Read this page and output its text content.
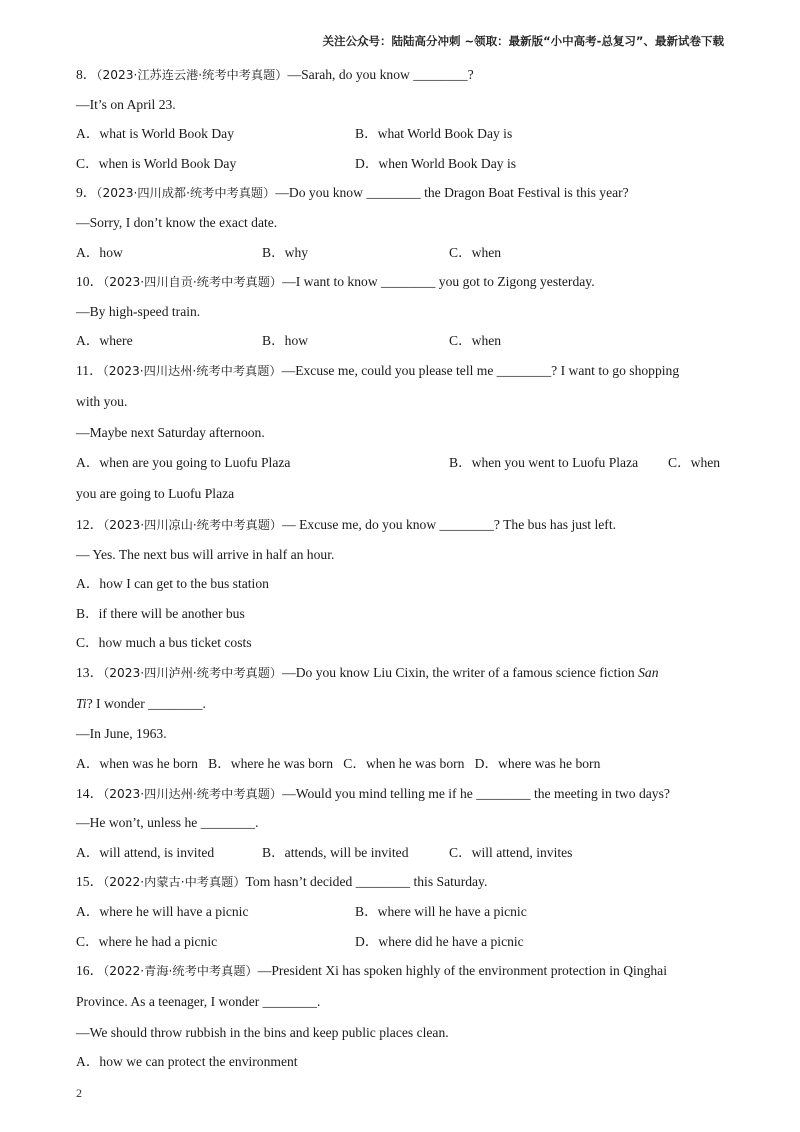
关注公众号：陆陆高分冲刺 ~领取：最新版“小中高考-总复习”、最新试卷下载
8．（2023·江苏连云港·统考中考真题）—Sarah, do you know ________?
—It’s on April 23.
A．what is World Book Day	B．what World Book Day is
C．when is World Book Day	D．when World Book Day is
9．（2023·四川成都·统考中考真题）—Do you know ________ the Dragon Boat Festival is this year?
—Sorry, I don’t know the exact date.
A．how	B．why	C．when
10．（2023·四川自贡·统考中考真题）—I want to know ________ you got to Zigong yesterday.
—By high-speed train.
A．where	B．how	C．when
11．（2023·四川达州·统考中考真题）—Excuse me, could you please tell me ________? I want to go shopping
with you.
—Maybe next Saturday afternoon.
A．when are you going to Luofu Plaza	B．when you went to Luofu Plaza C．when
you are going to Luofu Plaza
12．（2023·四川凉山·统考中考真题）— Excuse me, do you know ________? The bus has just left.
— Yes. The next bus will arrive in half an hour.
A．how I can get to the bus station
B．if there will be another bus
C．how much a bus ticket costs
13．（2023·四川泸州·统考中考真题）—Do you know Liu Cixin, the writer of a famous science fiction San
Ti? I wonder ________.
—In June, 1963.
A．when was he born   B．where he was born   C．when he was born   D．where was he born
14．（2023·四川达州·统考中考真题）—Would you mind telling me if he ________ the meeting in two days?
—He won’t, unless he ________.
A．will attend, is invited	B．attends, will be invited	C．will attend, invites
15．（2022·内蒙古·中考真题）Tom hasn’t decided ________ this Saturday.
A．where he will have a picnic	B．where will he have a picnic
C．where he had a picnic	D．where did he have a picnic
16．（2022·青海·统考中考真题）—President Xi has spoken highly of the environment protection in Qinghai
Province. As a teenager, I wonder ________.
—We should throw rubbish in the bins and keep public places clean.
A．how we can protect the environment
2
